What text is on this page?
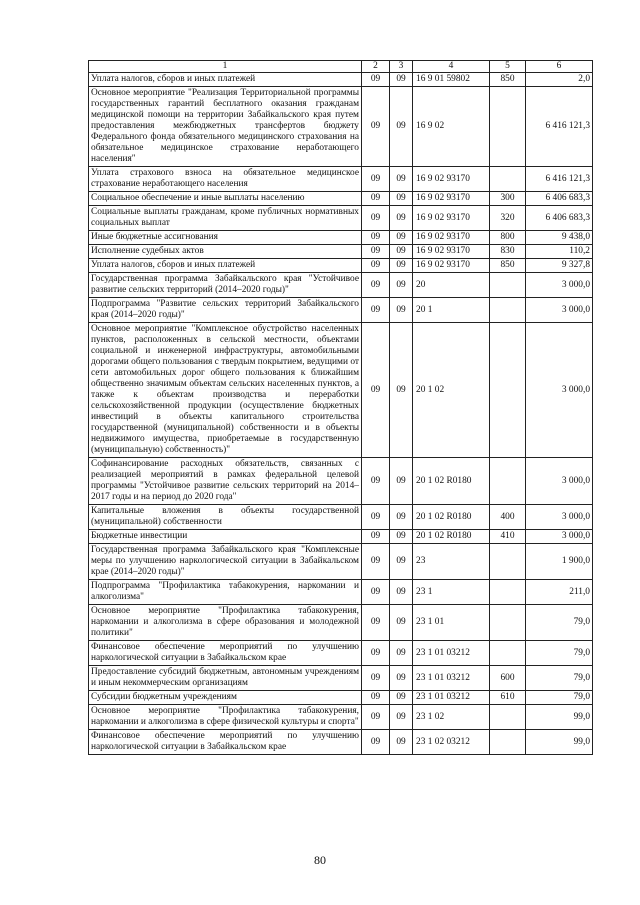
1	2	3	4	5	6
Уплата налогов, сборов и иных платежей	09	09	16 9 01 59802	850	2,0
Основное мероприятие "Реализация Территориальной программы государственных гарантий бесплатного оказания гражданам медицинской помощи на территории Забайкальского края путем предоставления межбюджетных трансфертов бюджету Федерального фонда обязательного медицинского страхования на обязательное медицинское страхование неработающего населения"	09	09	16 9 02		6 416 121,3
Уплата страхового взноса на обязательное медицинское страхование неработающего населения	09	09	16 9 02 93170		6 416 121,3
Социальное обеспечение и иные выплаты населению	09	09	16 9 02 93170	300	6 406 683,3
Социальные выплаты гражданам, кроме публичных нормативных социальных выплат	09	09	16 9 02 93170	320	6 406 683,3
Иные бюджетные ассигнования	09	09	16 9 02 93170	800	9 438,0
Исполнение судебных актов	09	09	16 9 02 93170	830	110,2
Уплата налогов, сборов и иных платежей	09	09	16 9 02 93170	850	9 327,8
Государственная программа Забайкальского края "Устойчивое развитие сельских территорий (2014–2020 годы)"	09	09	20		3 000,0
Подпрограмма "Развитие сельских территорий Забайкальского края (2014–2020 годы)"	09	09	20 1		3 000,0
Основное мероприятие "Комплексное обустройство населенных пунктов, расположенных в сельской местности, объектами социальной и инженерной инфраструктуры, автомобильными дорогами общего пользования с твердым покрытием, ведущими от сети автомобильных дорог общего пользования к ближайшим общественно значимым объектам сельских населенных пунктов, а также к объектам производства и переработки сельскохозяйственной продукции (осуществление бюджетных инвестиций в объекты капитального строительства государственной (муниципальной) собственности и в объекты недвижимого имущества, приобретаемые в государственную (муниципальную) собственность)"	09	09	20 1 02		3 000,0
Софинансирование расходных обязательств, связанных с реализацией мероприятий в рамках федеральной целевой программы "Устойчивое развитие сельских территорий на 2014–2017 годы и на период до 2020 года"	09	09	20 1 02 R0180		3 000,0
Капитальные вложения в объекты государственной (муниципальной) собственности	09	09	20 1 02 R0180	400	3 000,0
Бюджетные инвестиции	09	09	20 1 02 R0180	410	3 000,0
Государственная программа Забайкальского края "Комплексные меры по улучшению наркологической ситуации в Забайкальском крае (2014–2020 годы)"	09	09	23		1 900,0
Подпрограмма "Профилактика табакокурения, наркомании и алкоголизма"	09	09	23 1		211,0
Основное мероприятие "Профилактика табакокурения, наркомании и алкоголизма в сфере образования и молодежной политики"	09	09	23 1 01		79,0
Финансовое обеспечение мероприятий по улучшению наркологической ситуации в Забайкальском крае	09	09	23 1 01 03212		79,0
Предоставление субсидий бюджетным, автономным учреждениям и иным некоммерческим организациям	09	09	23 1 01 03212	600	79,0
Субсидии бюджетным учреждениям	09	09	23 1 01 03212	610	79,0
Основное мероприятие "Профилактика табакокурения, наркомании и алкоголизма в сфере физической культуры и спорта"	09	09	23 1 02		99,0
Финансовое обеспечение мероприятий по улучшению наркологической ситуации в Забайкальском крае	09	09	23 1 02 03212		99,0
80
